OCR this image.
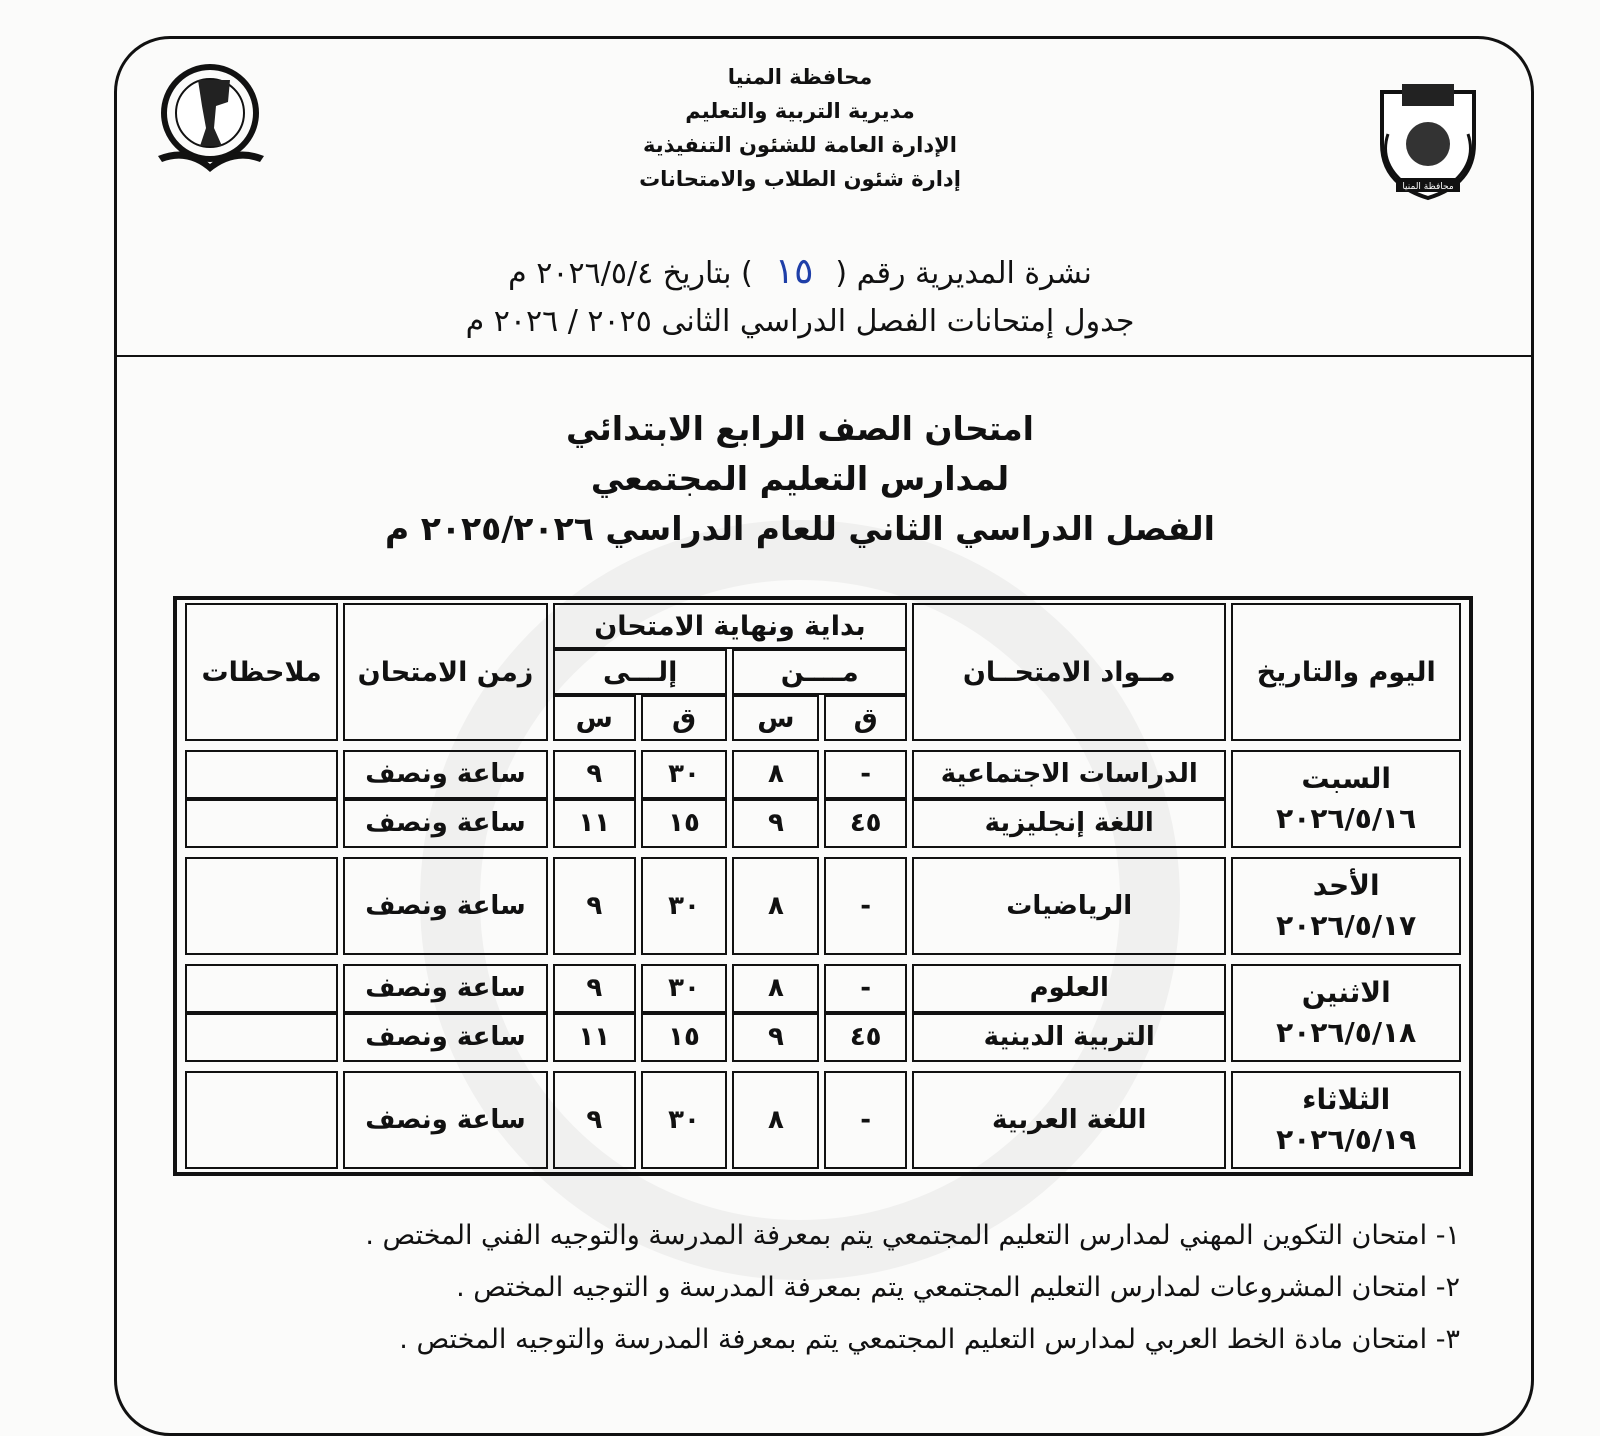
محافظة المنيا
محافظة المنيا
مديرية التربية والتعليم
الإدارة العامة للشئون التنفيذية
إدارة شئون الطلاب والامتحانات
نشرة المديرية رقم (١٥) بتاريخ ٢٠٢٦/٥/٤ م
جدول إمتحانات الفصل الدراسي الثانى ٢٠٢٥ / ٢٠٢٦ م
امتحان الصف الرابع الابتدائي
لمدارس التعليم المجتمعي
الفصل الدراسي الثاني للعام الدراسي ٢٠٢٥/٢٠٢٦ م
اليوم والتاريخ	مــواد الامتحــان	بداية ونهاية الامتحان				زمن الامتحان	ملاحظات
		مــــن		إلـــى			
		ق	س	ق	س		

السبت
٢٠٢٦/٥/١٦	الدراسات الاجتماعية	-	٨	٣٠	٩	ساعة ونصف	
	اللغة إنجليزية	٤٥	٩	١٥	١١	ساعة ونصف	

الأحد
٢٠٢٦/٥/١٧	الرياضيات	-	٨	٣٠	٩	ساعة ونصف	

الاثنين
٢٠٢٦/٥/١٨	العلوم	-	٨	٣٠	٩	ساعة ونصف	
	التربية الدينية	٤٥	٩	١٥	١١	ساعة ونصف	

الثلاثاء
٢٠٢٦/٥/١٩	اللغة العربية	-	٨	٣٠	٩	ساعة ونصف	
١- امتحان التكوين المهني لمدارس التعليم المجتمعي يتم بمعرفة المدرسة والتوجيه الفني المختص .
٢- امتحان المشروعات لمدارس التعليم المجتمعي يتم بمعرفة المدرسة و التوجيه المختص .
٣- امتحان مادة الخط العربي لمدارس التعليم المجتمعي يتم بمعرفة المدرسة والتوجيه المختص .
